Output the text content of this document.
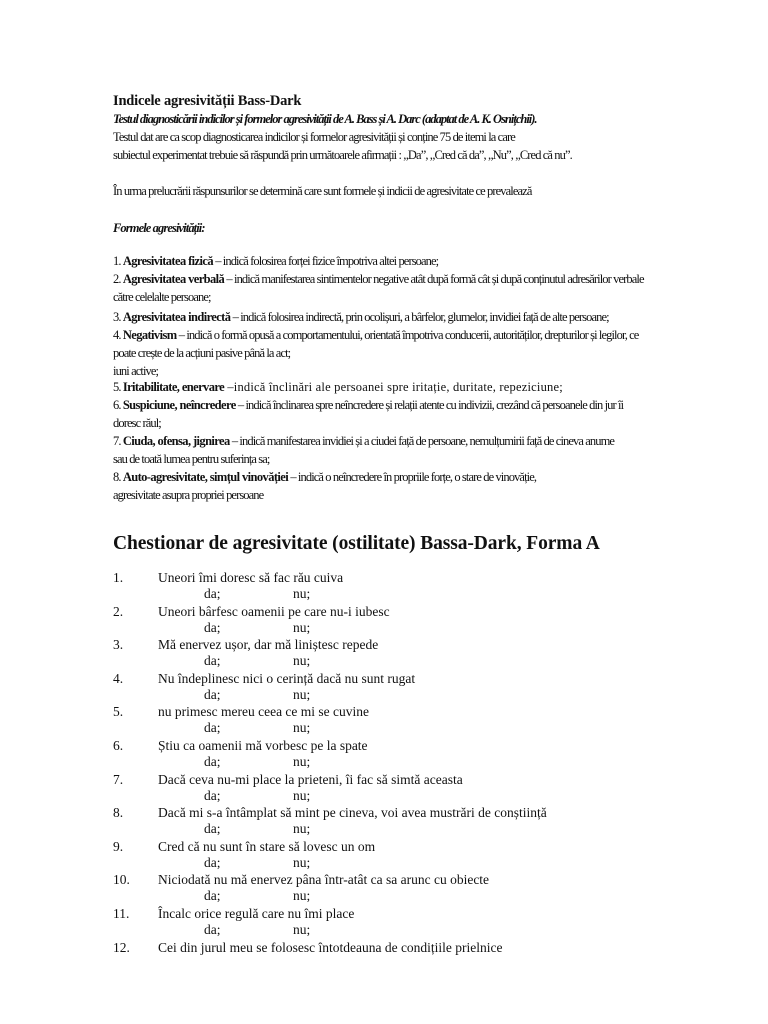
Indicele agresivității Bass-Dark
Testul diagnosticării indicilor și formelor agresivității de A. Bass și A. Darc (adaptat de A. K. Osnițchii).
Testul dat are ca scop diagnosticarea indicilor și formelor agresivității și conține 75 de itemi la care
subiectul experimentat trebuie să răspundă prin următoarele afirmații : „Da”, „Cred că da”, „Nu”, „Cred că nu”.
În urma prelucrării răspunsurilor se determină care sunt formele și indicii de agresivitate ce prevalează
Formele agresivității:
1. Agresivitatea fizică – indică folosirea forței fizice împotriva altei persoane;
2. Agresivitatea verbală – indică manifestarea sintimentelor negative atât după formă cât și după conținutul adresărilor verbale
către celelalte persoane;
3. Agresivitatea indirectă – indică folosirea indirectă, prin ocolișuri, a bârfelor, glumelor, invidiei față de alte persoane;
4. Negativism – indică o formă opusă a comportamentului, orientată împotriva conducerii, autorităților, drepturilor și legilor, ce
poate crește de la acțiuni pasive până la act;
iuni active;
5. Iritabilitate, enervare –indică înclinări ale persoanei spre iritație, duritate, repeziciune;
6. Suspiciune, neîncredere – indică înclinarea spre neîncredere și relații atente cu indivizii, crezând că persoanele din jur îi
doresc răul;
7. Ciuda, ofensa, jignirea – indică manifestarea invidiei și a ciudei față de persoane, nemulțumirii față de cineva anume
sau de toată lumea pentru suferința sa;
8. Auto-agresivitate, simțul vinovăției – indică o neîncredere în propriile forțe, o stare de vinovăție,
agresivitate asupra propriei persoane
Chestionar de agresivitate (ostilitate) Bassa-Dark, Forma A
1.	Uneori îmi doresc să fac rău cuiva
da;	nu;
2.	Uneori bârfesc oamenii pe care nu-i iubesc
da;	nu;
3.	Mă enervez ușor, dar mă liniștesc repede
da;	nu;
4.	Nu îndeplinesc nici o cerință dacă nu sunt rugat
da;	nu;
5.	nu primesc mereu ceea ce mi se cuvine
da;	nu;
6.	Știu ca oamenii mă vorbesc pe la spate
da;	nu;
7.	Dacă ceva nu-mi place la prieteni, îi fac să simtă aceasta
da;	nu;
8.	Dacă mi s-a întâmplat să mint pe cineva, voi avea mustrări de conștiință
da;	nu;
9.	Cred că nu sunt în stare să lovesc un om
da;	nu;
10. Niciodată nu mă enervez pâna într-atât ca sa arunc cu obiecte
da;	nu;
11. Încalc orice regulă care nu îmi place
da;	nu;
12. Cei din jurul meu se folosesc întotdeauna de condițiile prielnice
